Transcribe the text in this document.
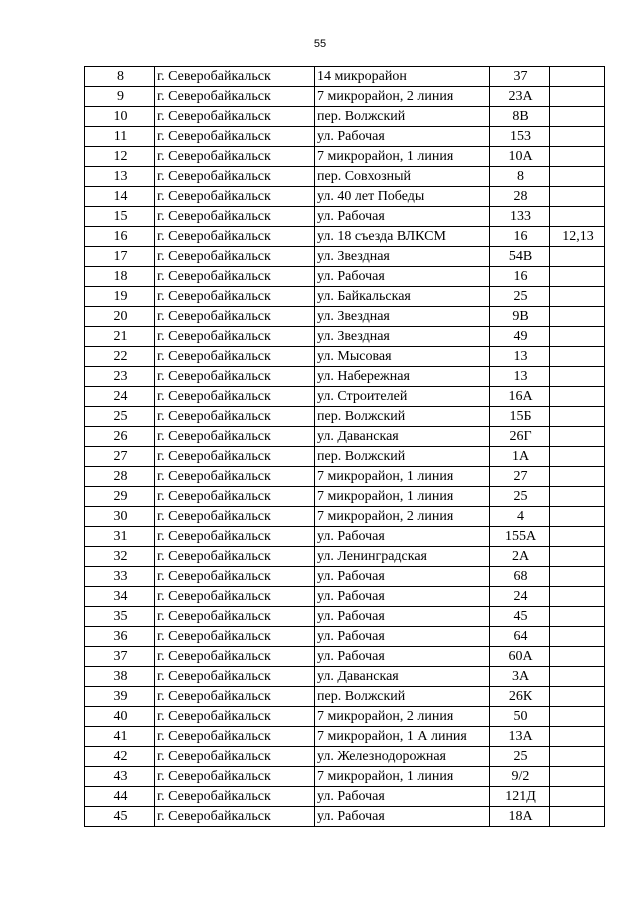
55
8	г. Северобайкальск	14 микрорайон	37	
9	г. Северобайкальск	7 микрорайон, 2 линия	23А	
10	г. Северобайкальск	пер. Волжский	8В	
11	г. Северобайкальск	ул. Рабочая	153	
12	г. Северобайкальск	7 микрорайон, 1 линия	10А	
13	г. Северобайкальск	пер. Совхозный	8	
14	г. Северобайкальск	ул. 40 лет Победы	28	
15	г. Северобайкальск	ул. Рабочая	133	
16	г. Северобайкальск	ул. 18 съезда ВЛКСМ	16	12,13
17	г. Северобайкальск	ул. Звездная	54В	
18	г. Северобайкальск	ул. Рабочая	16	
19	г. Северобайкальск	ул. Байкальская	25	
20	г. Северобайкальск	ул. Звездная	9В	
21	г. Северобайкальск	ул. Звездная	49	
22	г. Северобайкальск	ул. Мысовая	13	
23	г. Северобайкальск	ул. Набережная	13	
24	г. Северобайкальск	ул. Строителей	16А	
25	г. Северобайкальск	пер. Волжский	15Б	
26	г. Северобайкальск	ул. Даванская	26Г	
27	г. Северобайкальск	пер. Волжский	1А	
28	г. Северобайкальск	7 микрорайон, 1 линия	27	
29	г. Северобайкальск	7 микрорайон, 1 линия	25	
30	г. Северобайкальск	7 микрорайон, 2 линия	4	
31	г. Северобайкальск	ул. Рабочая	155А	
32	г. Северобайкальск	ул. Ленинградская	2А	
33	г. Северобайкальск	ул. Рабочая	68	
34	г. Северобайкальск	ул. Рабочая	24	
35	г. Северобайкальск	ул. Рабочая	45	
36	г. Северобайкальск	ул. Рабочая	64	
37	г. Северобайкальск	ул. Рабочая	60А	
38	г. Северобайкальск	ул. Даванская	3А	
39	г. Северобайкальск	пер. Волжский	26К	
40	г. Северобайкальск	7 микрорайон, 2 линия	50	
41	г. Северобайкальск	7 микрорайон, 1 А линия	13А	
42	г. Северобайкальск	ул. Железнодорожная	25	
43	г. Северобайкальск	7 микрорайон, 1 линия	9/2	
44	г. Северобайкальск	ул. Рабочая	121Д	
45	г. Северобайкальск	ул. Рабочая	18А	
